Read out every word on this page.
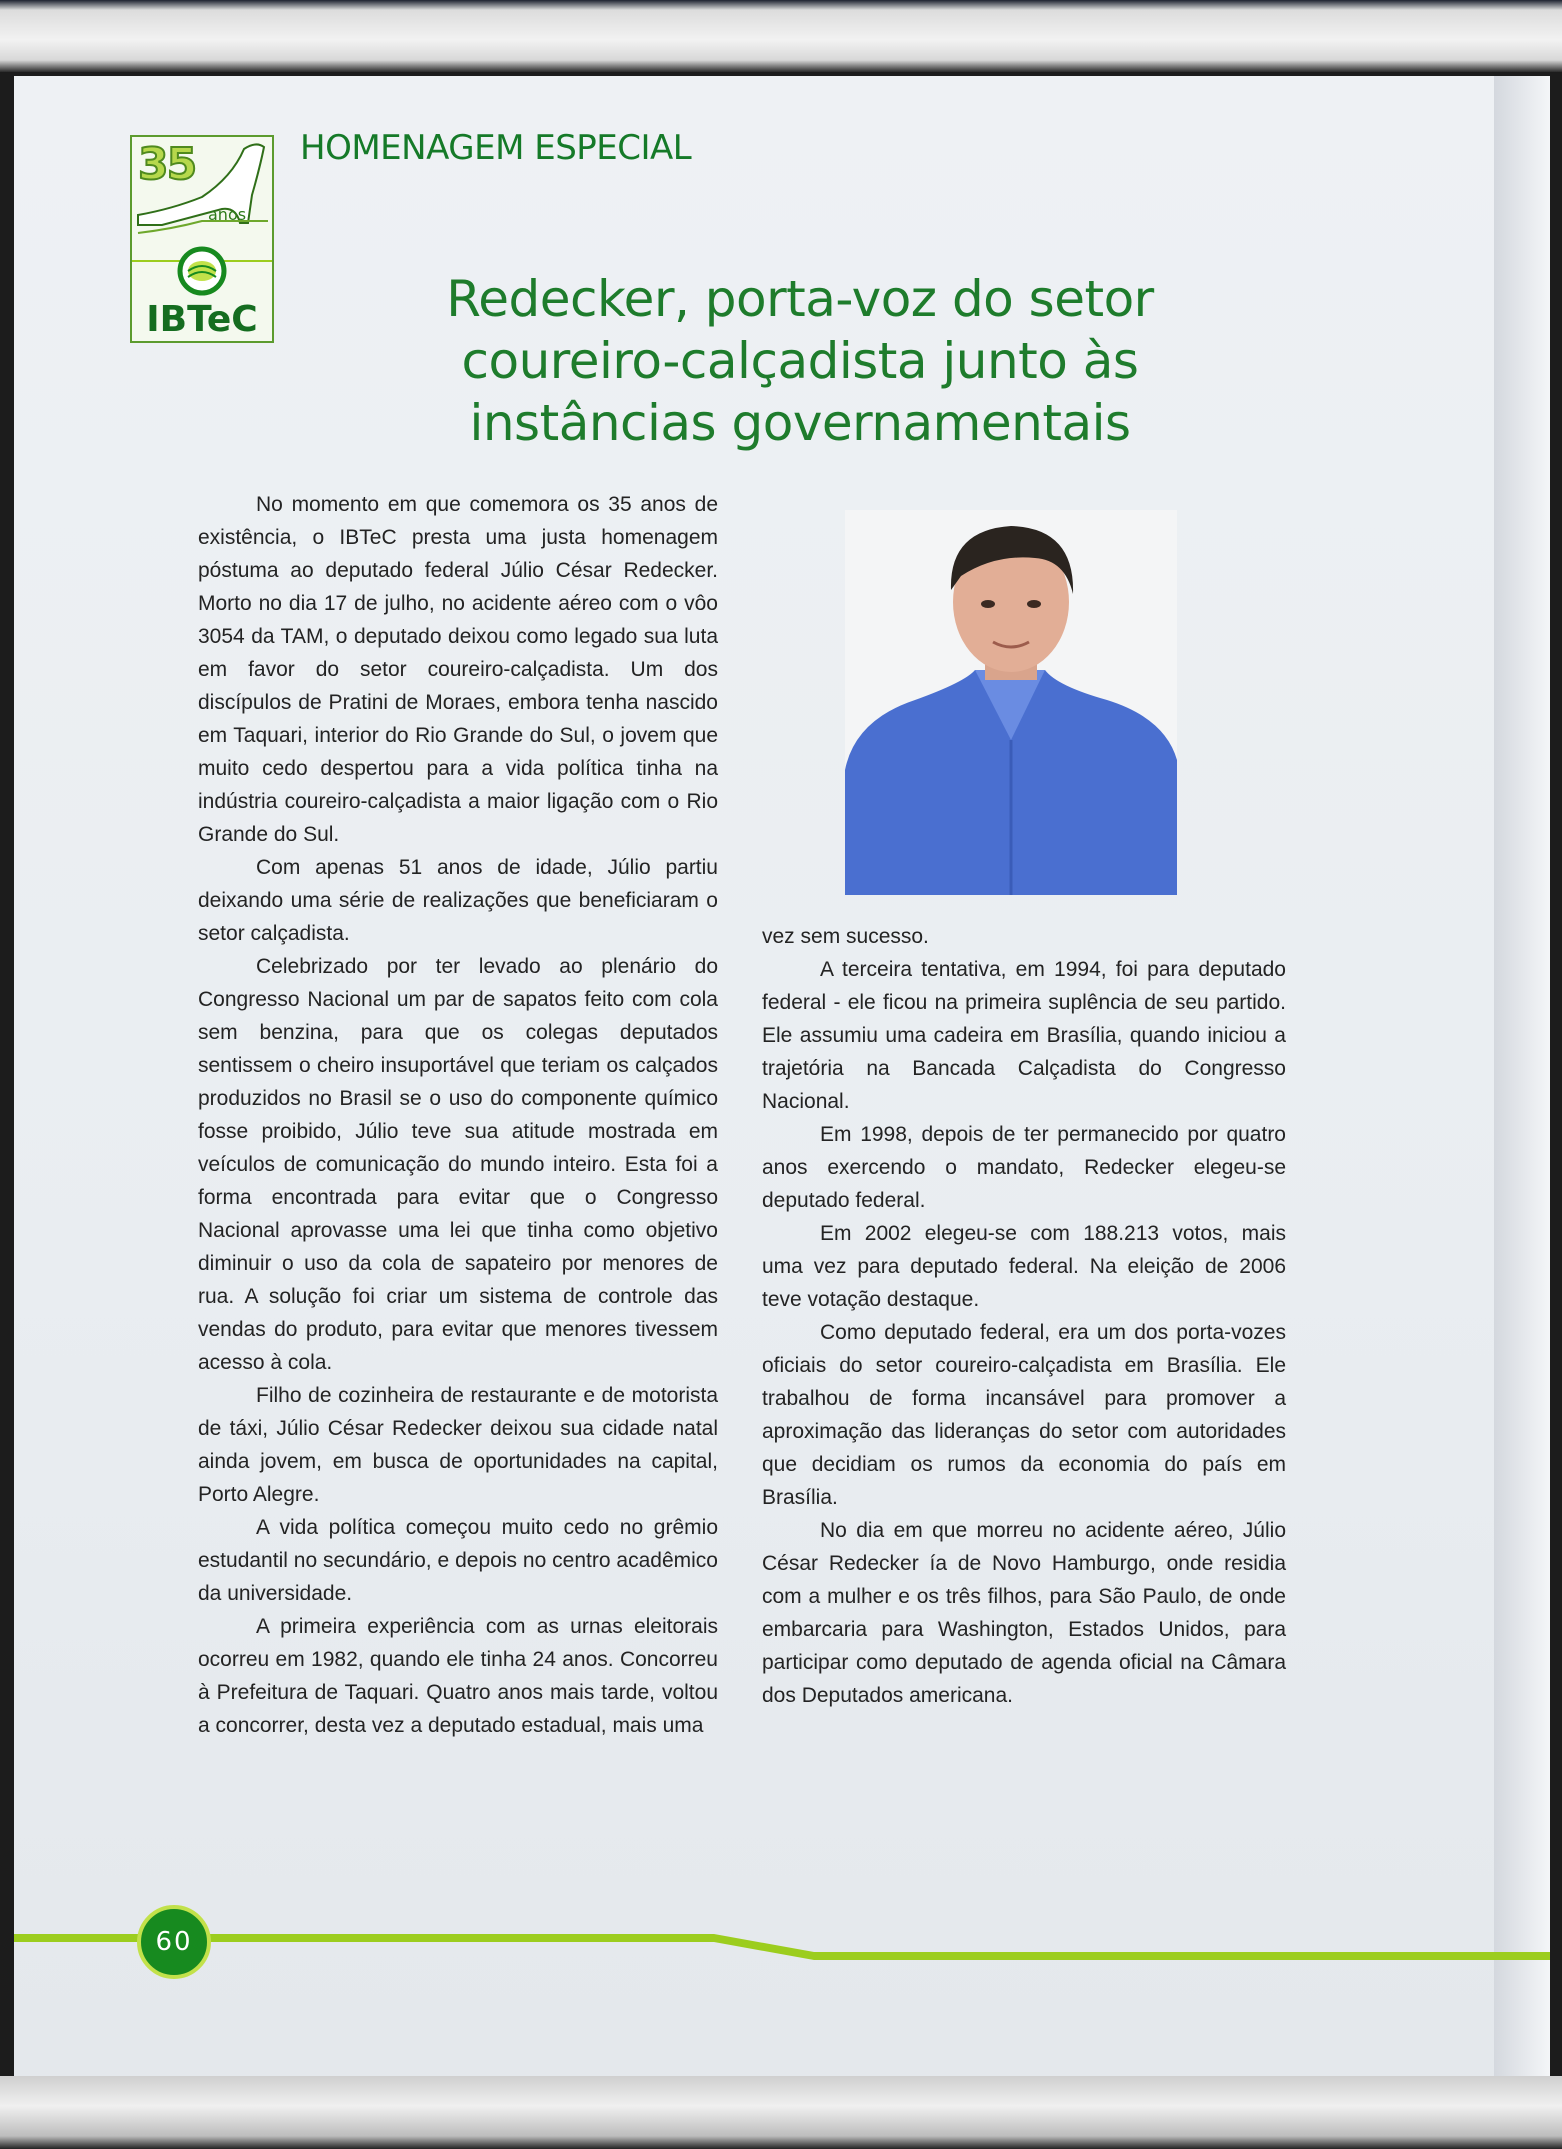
35
anos
IBTeC
HOMENAGEM ESPECIAL
Redecker, porta-voz do setor
coureiro-calçadista junto às
instâncias governamentais

No momento em que comemora os 35 anos de existência, o IBTeC presta uma justa homenagem póstuma ao deputado federal Júlio César Redecker. Morto no dia 17 de julho, no acidente aéreo com o vôo 3054 da TAM, o deputado deixou como legado sua luta em favor do setor coureiro-calçadista. Um dos discípulos de Pratini de Moraes, embora tenha nascido em Taquari, interior do Rio Grande do Sul, o jovem que muito cedo despertou para a vida política tinha na indústria coureiro-calçadista a maior ligação com o Rio Grande do Sul.

Com apenas 51 anos de idade, Júlio partiu deixando uma série de realizações que beneficiaram o setor calçadista.

Celebrizado por ter levado ao plenário do Congresso Nacional um par de sapatos feito com cola sem benzina, para que os colegas deputados sentissem o cheiro insuportável que teriam os calçados produzidos no Brasil se o uso do componente químico fosse proibido, Júlio teve sua atitude mostrada em veículos de comunicação do mundo inteiro. Esta foi a forma encontrada para evitar que o Congresso Nacional aprovasse uma lei que tinha como objetivo diminuir o uso da cola de sapateiro por menores de rua. A solução foi criar um sistema de controle das vendas do produto, para evitar que menores tivessem acesso à cola.

Filho de cozinheira de restaurante e de motorista de táxi, Júlio César Redecker deixou sua cidade natal ainda jovem, em busca de oportunidades na capital, Porto Alegre.

A vida política começou muito cedo no grêmio estudantil no secundário, e depois no centro acadêmico da universidade.

A primeira experiência com as urnas eleitorais ocorreu em 1982, quando ele tinha 24 anos. Concorreu à Prefeitura de Taquari. Quatro anos mais tarde, voltou a concorrer, desta vez a deputado estadual, mais uma

vez sem sucesso.

A terceira tentativa, em 1994, foi para deputado federal - ele ficou na primeira suplência de seu partido. Ele assumiu uma cadeira em Brasília, quando iniciou a trajetória na Bancada Calçadista do Congresso Nacional.

Em 1998, depois de ter permanecido por quatro anos exercendo o mandato, Redecker elegeu-se deputado federal.

Em 2002 elegeu-se com 188.213 votos, mais uma vez para deputado federal. Na eleição de 2006 teve votação destaque.

Como deputado federal, era um dos porta-vozes oficiais do setor coureiro-calçadista em Brasília. Ele trabalhou de forma incansável para promover a aproximação das lideranças do setor com autoridades que decidiam os rumos da economia do país em Brasília.

No dia em que morreu no acidente aéreo, Júlio César Redecker ía de Novo Hamburgo, onde residia com a mulher e os três filhos, para São Paulo, de onde embarcaria para Washington, Estados Unidos, para participar como deputado de agenda oficial na Câmara dos Deputados americana.

60
